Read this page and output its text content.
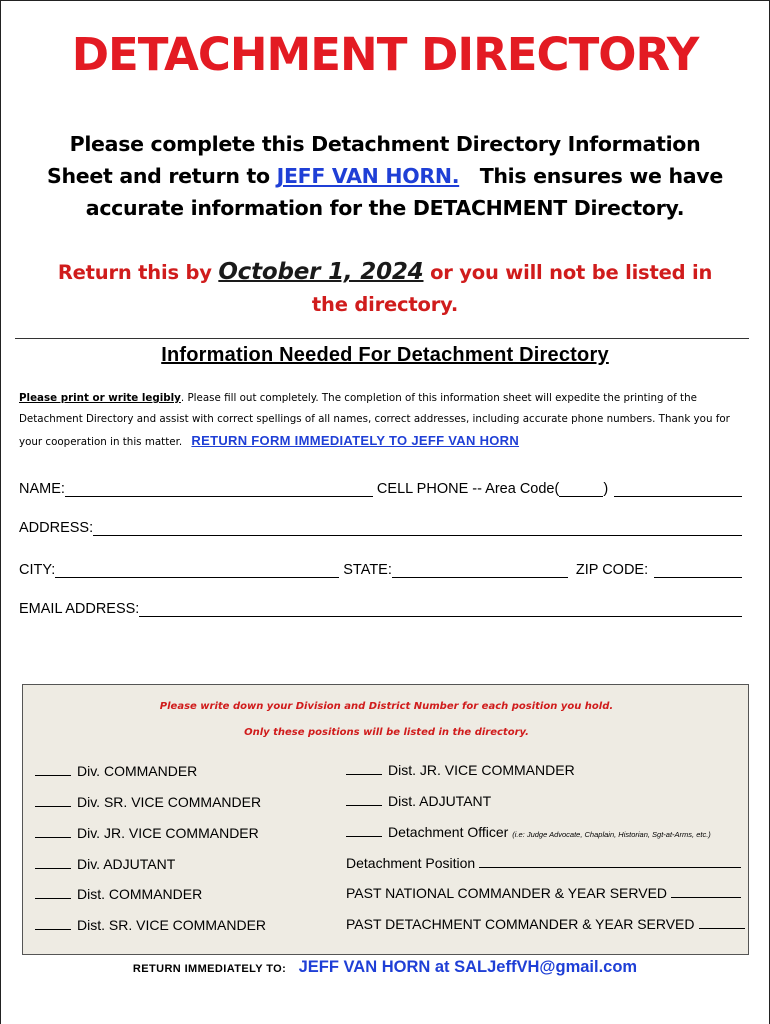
DETACHMENT DIRECTORY

Please complete this Detachment Directory Information Sheet and return to JEFF VAN HORN. This ensures we have accurate information for the DETACHMENT Directory.

Return this by October 1, 2024 or you will not be listed in the directory.

Information Needed For Detachment Directory

Please print or write legibly. Please fill out completely. The completion of this information sheet will expedite the printing of the Detachment Directory and assist with correct spellings of all names, correct addresses, including accurate phone numbers. Thank you for your cooperation in this matter. RETURN FORM IMMEDIATELY TO JEFF VAN HORN

NAME:	CELL PHONE -- Area Code(	)
ADDRESS:
CITY:	STATE:	ZIP CODE:
EMAIL ADDRESS:
Please write down your Division and District Number for each position you hold.
Only these positions will be listed in the directory.
Div. COMMANDER
Div. SR. VICE COMMANDER
Div. JR. VICE COMMANDER
Div. ADJUTANT
Dist. COMMANDER
Dist. SR. VICE COMMANDER
Dist. JR. VICE COMMANDER
Dist. ADJUTANT
Detachment Officer (i.e: Judge Advocate, Chaplain, Historian, Sgt-at-Arms, etc.)
Detachment Position
PAST NATIONAL COMMANDER & YEAR SERVED
PAST DETACHMENT COMMANDER & YEAR SERVED
RETURN IMMEDIATELY TO: JEFF VAN HORN at SALJeffVH@gmail.com
